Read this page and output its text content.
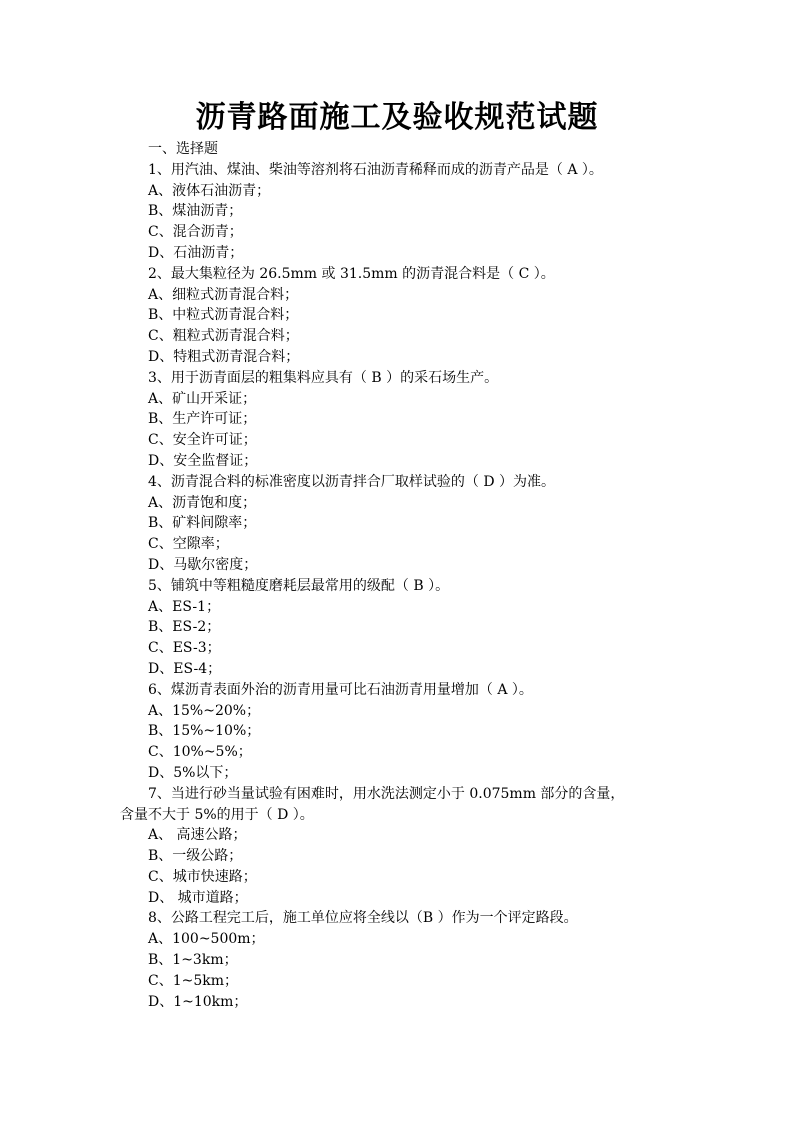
沥青路面施工及验收规范试题
一、选择题
1、用汽油、煤油、柴油等溶剂将石油沥青稀释而成的沥青产品是（ A ）。
A、液体石油沥青；
B、煤油沥青；
C、混合沥青；
D、石油沥青；
2、最大集粒径为 26.5mm 或 31.5mm 的沥青混合料是（ C ）。
A、细粒式沥青混合料；
B、中粒式沥青混合料；
C、粗粒式沥青混合料；
D、特粗式沥青混合料；
3、用于沥青面层的粗集料应具有（ B ）的采石场生产。
A、矿山开采证；
B、生产许可证；
C、安全许可证；
D、安全监督证；
4、沥青混合料的标准密度以沥青拌合厂取样试验的（ D ）为准。
A、沥青饱和度；
B、矿料间隙率；
C、空隙率；
D、马歇尔密度；
5、铺筑中等粗糙度磨耗层最常用的级配（ B ）。
A、ES-1；
B、ES-2；
C、ES-3；
D、ES-4；
6、煤沥青表面外治的沥青用量可比石油沥青用量增加（ A ）。
A、15%~20%；
B、15%~10%；
C、10%~5%；
D、5%以下；
7、当进行砂当量试验有困难时，用水洗法测定小于 0.075mm 部分的含量，
含量不大于 5%的用于（ D ）。
A、 高速公路；
B、一级公路；
C、城市快速路；
D、 城市道路；
8、公路工程完工后，施工单位应将全线以（B ）作为一个评定路段。
A、100~500m；
B、1~3km；
C、1~5km；
D、1~10km；
